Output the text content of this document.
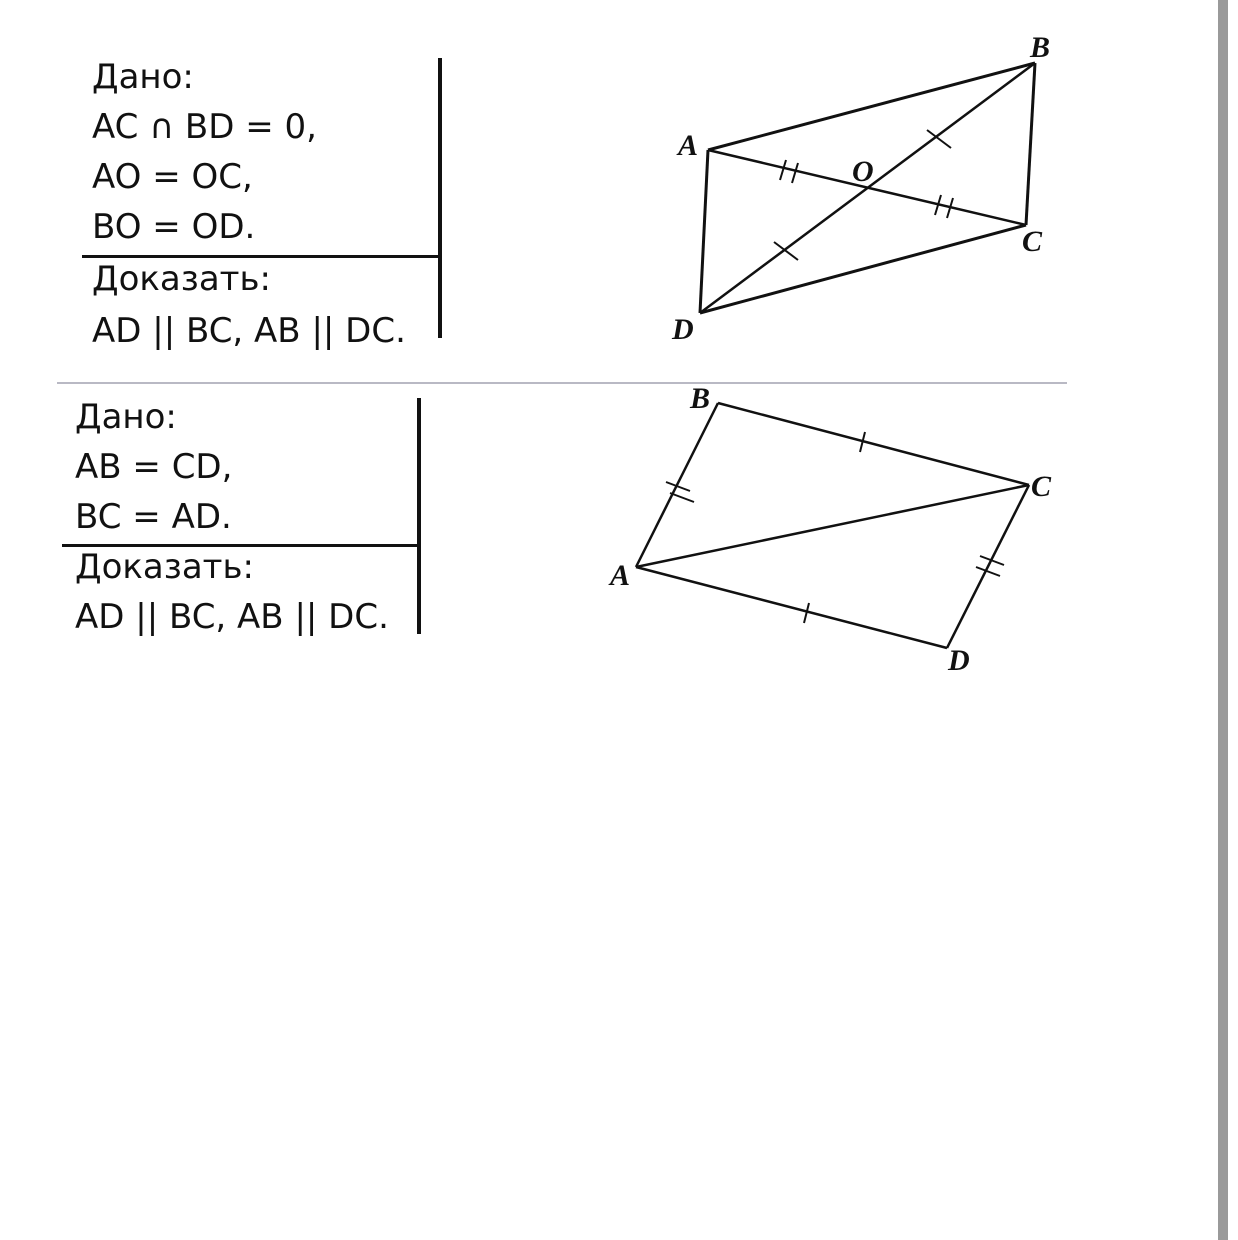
Дано:
AC ∩ BD = 0,
AO = OC,
BO = OD.
Доказать:
AD || BC, AB || DC.
Дано:
AB = CD,
BC = AD.
Доказать:
AD || BC, AB || DC.
A
B
C
D
O
B
C
A
D
